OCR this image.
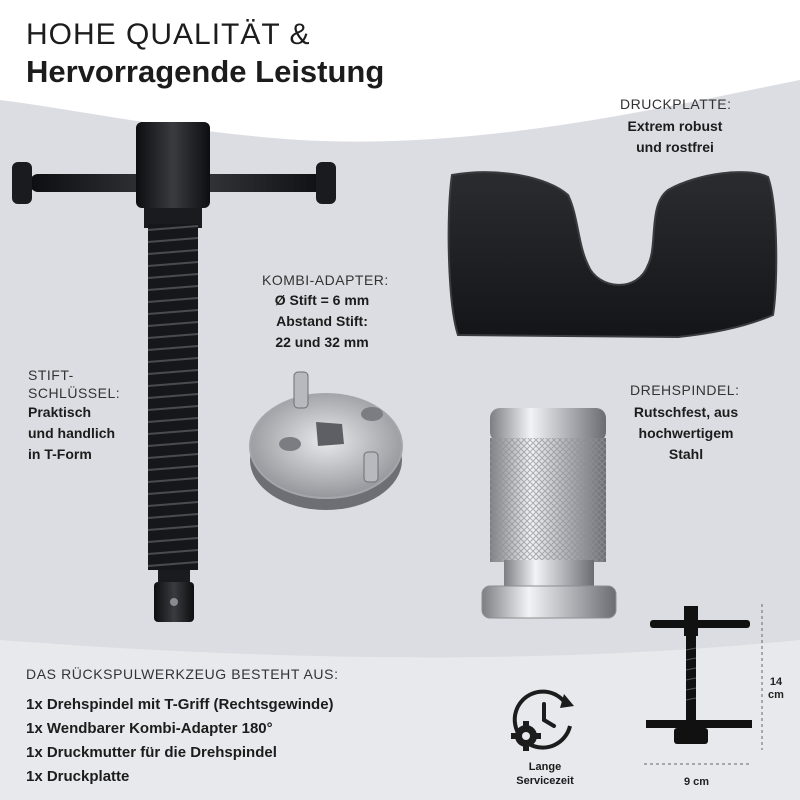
HOHE QUALITÄT &
Hervorragende Leistung
DRUCKPLATTE:
Extrem robust
und rostfrei
KOMBI-ADAPTER:
Ø Stift = 6 mm
Abstand Stift:
22 und 32 mm
STIFT-
SCHLÜSSEL:
Praktisch
und handlich
in T-Form
DREHSPINDEL:
Rutschfest, aus
hochwertigem
Stahl
DAS RÜCKSPULWERKZEUG BESTEHT AUS:
1x Drehspindel mit T-Griff (Rechtsgewinde)
1x Wendbarer Kombi-Adapter 180°
1x Druckmutter für die Drehspindel
1x Druckplatte
Lange
Servicezeit
14
cm
9 cm
